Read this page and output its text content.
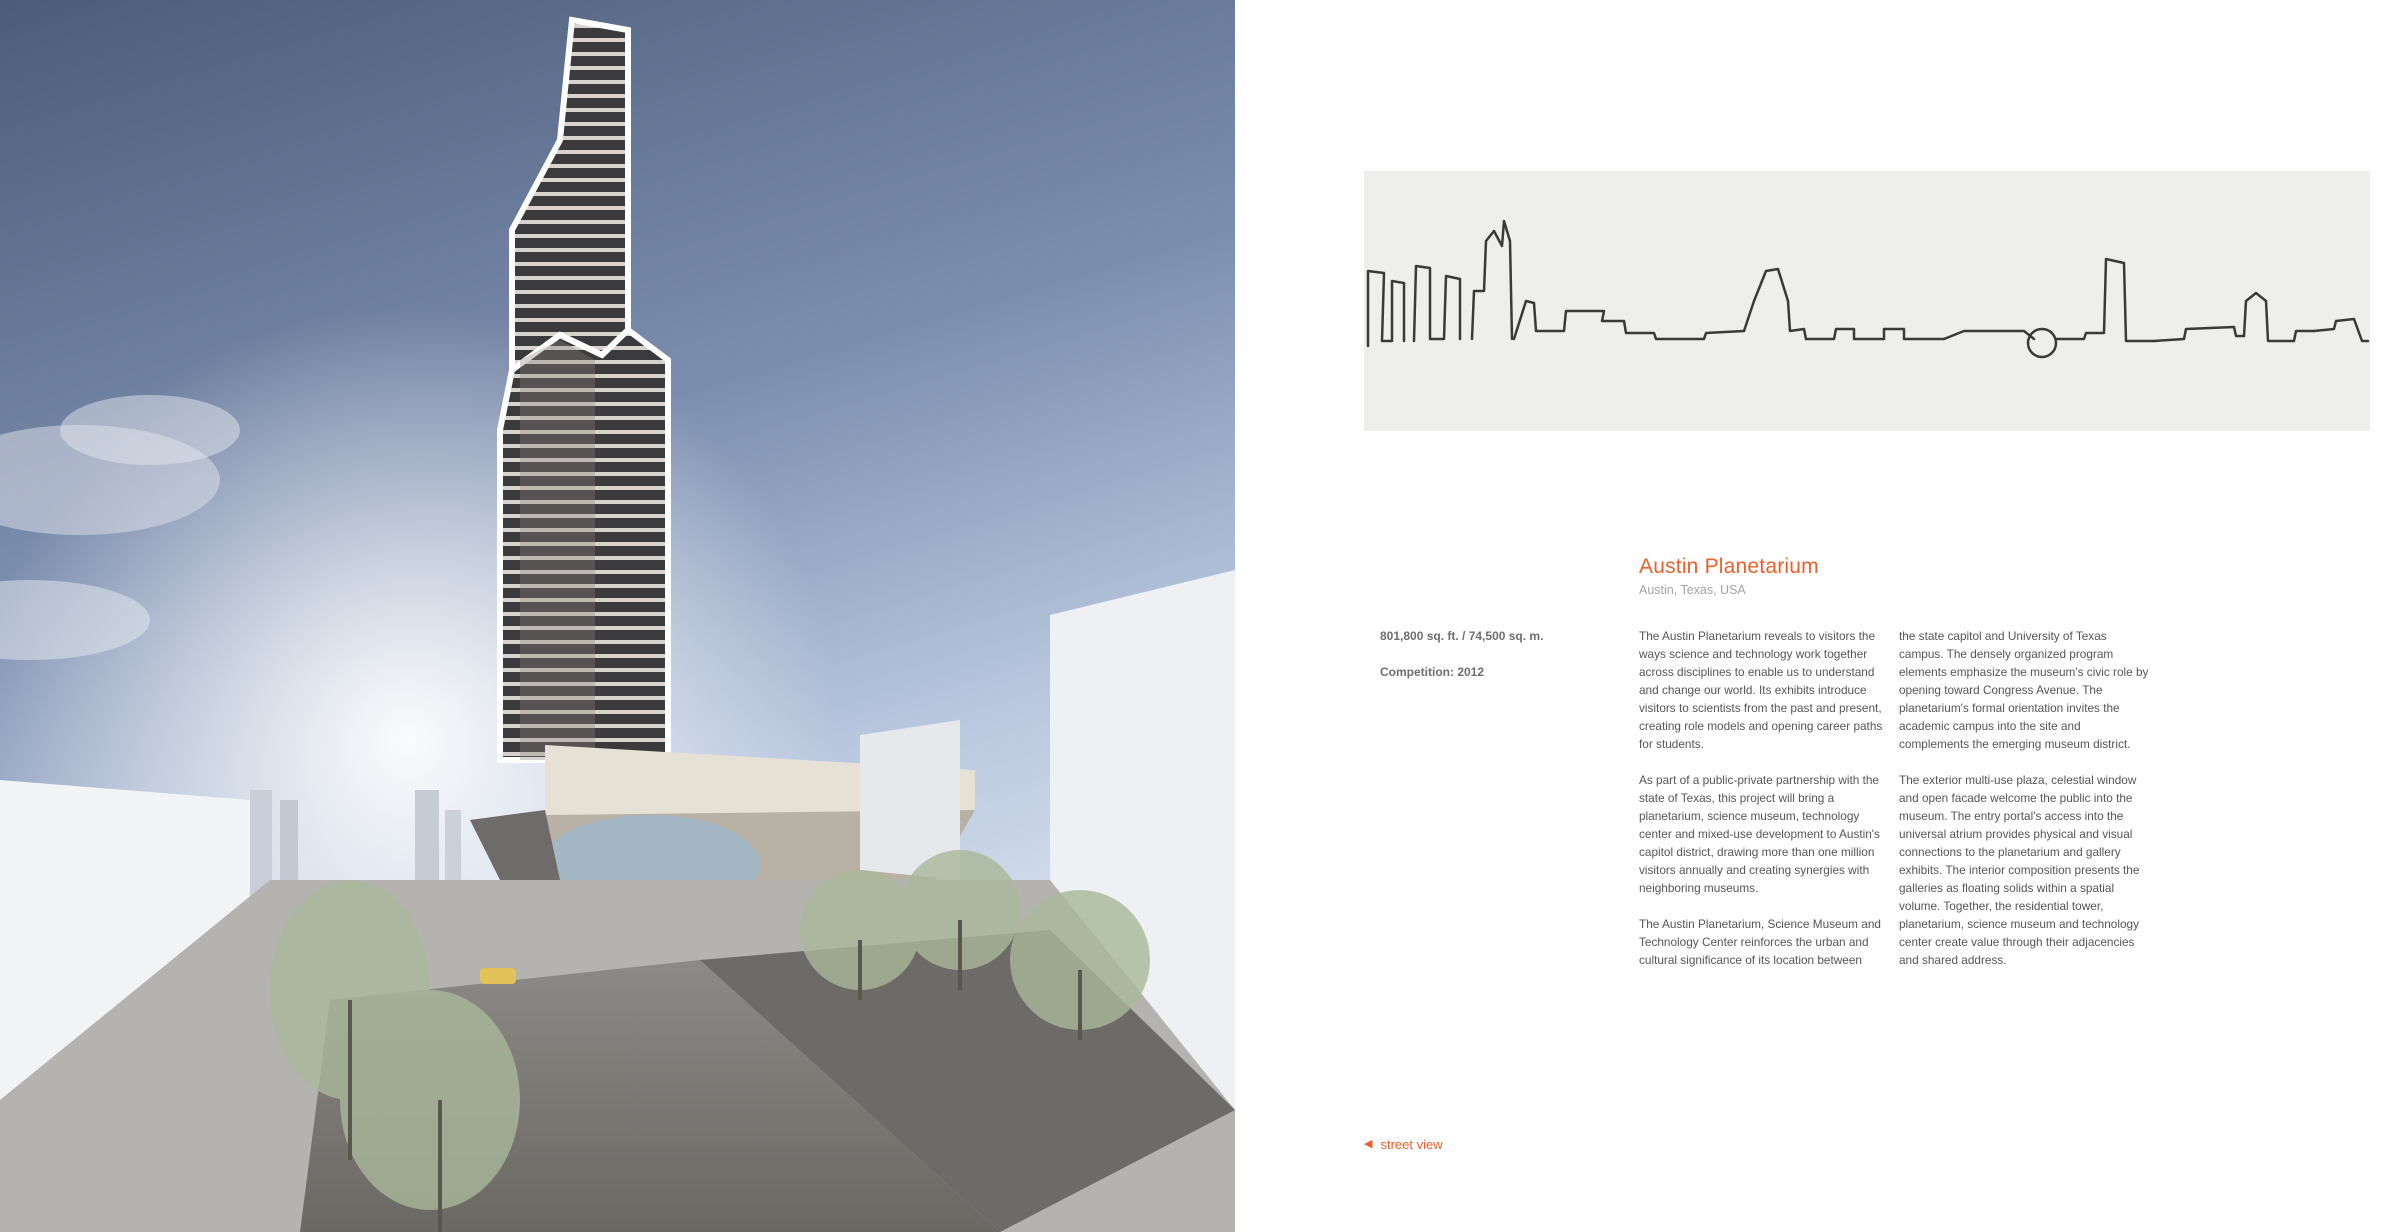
Austin Planetarium
Austin, Texas, USA
801,800 sq. ft. / 74,500 sq. m.
Competition: 2012

The Austin Planetarium reveals to visitors the ways science and technology work together across disciplines to enable us to understand and change our world. Its exhibits introduce visitors to scientists from the past and present, creating role models and opening career paths for students.

As part of a public-private partnership with the state of Texas, this project will bring a planetarium, science museum, technology center and mixed-use development to Austin's capitol district, drawing more than one million visitors annually and creating synergies with neighboring museums.

The Austin Planetarium, Science Museum and Technology Center reinforces the urban and cultural significance of its location between

the state capitol and University of Texas campus. The densely organized program elements emphasize the museum's civic role by opening toward Congress Avenue. The planetarium's formal orientation invites the academic campus into the site and complements the emerging museum district.

The exterior multi-use plaza, celestial window and open facade welcome the public into the museum. The entry portal's access into the universal atrium provides physical and visual connections to the planetarium and gallery exhibits. The interior composition presents the galleries as floating solids within a spatial volume. Together, the residential tower, planetarium, science museum and technology center create value through their adjacencies and shared address.

◀ street view
